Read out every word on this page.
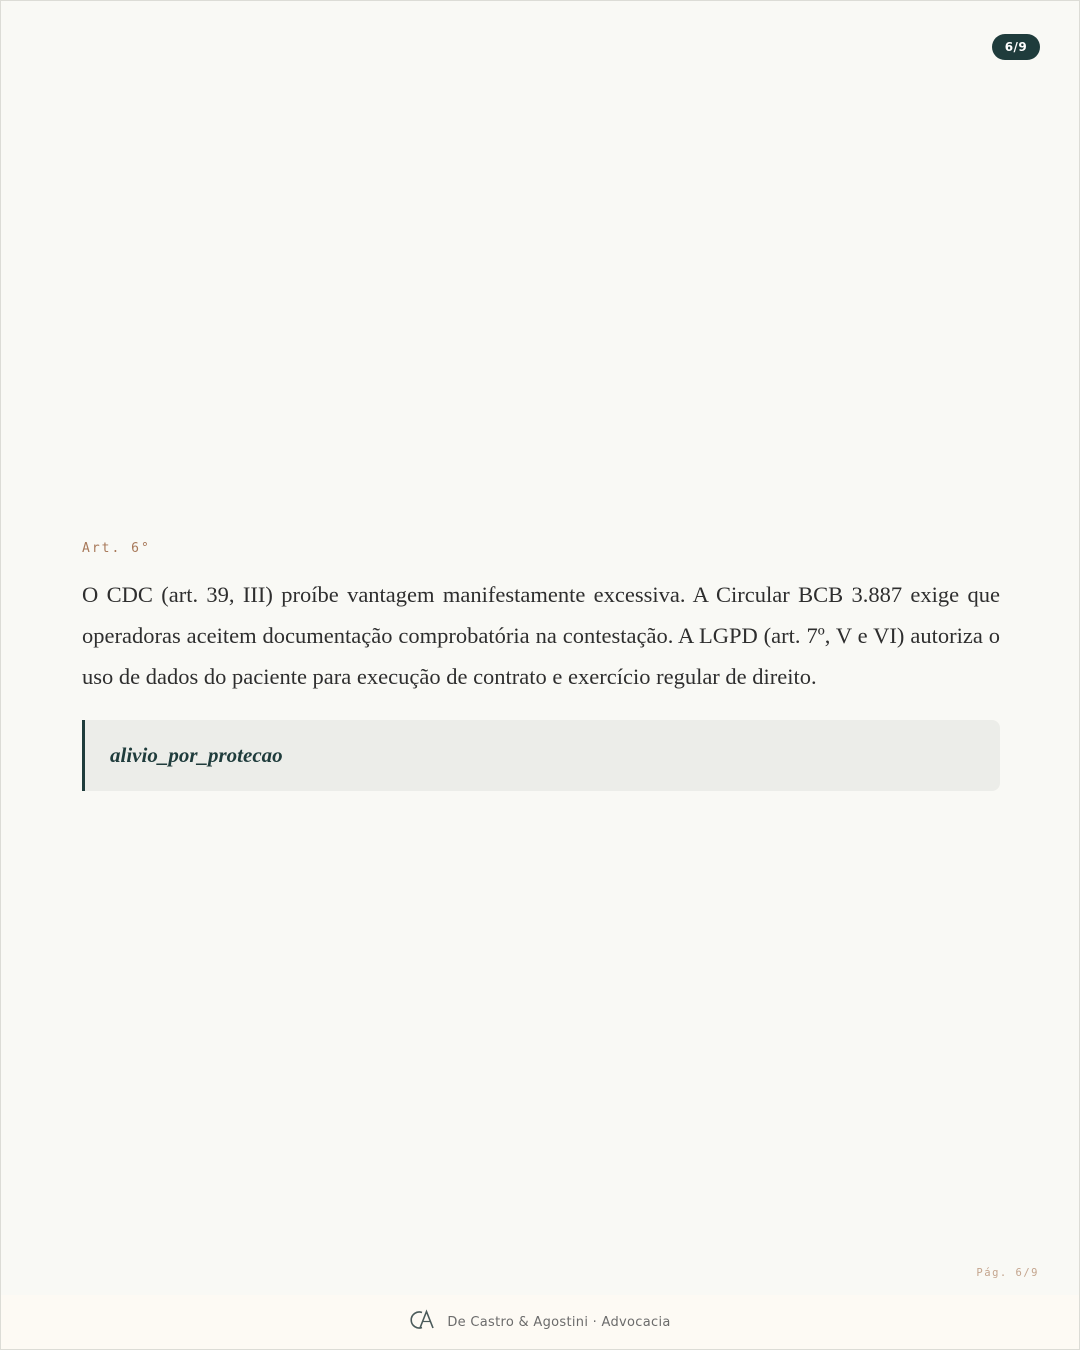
6/9
Art. 6°

O CDC (art. 39, III) proíbe vantagem manifestamente excessiva. A Circular BCB 3.887 exige que operadoras aceitem documentação comprobatória na contestação. A LGPD (art. 7º, V e VI) autoriza o uso de dados do paciente para execução de contrato e exercício regular de direito.

alivio_por_protecao
Pág. 6/9
De Castro & Agostini · Advocacia
